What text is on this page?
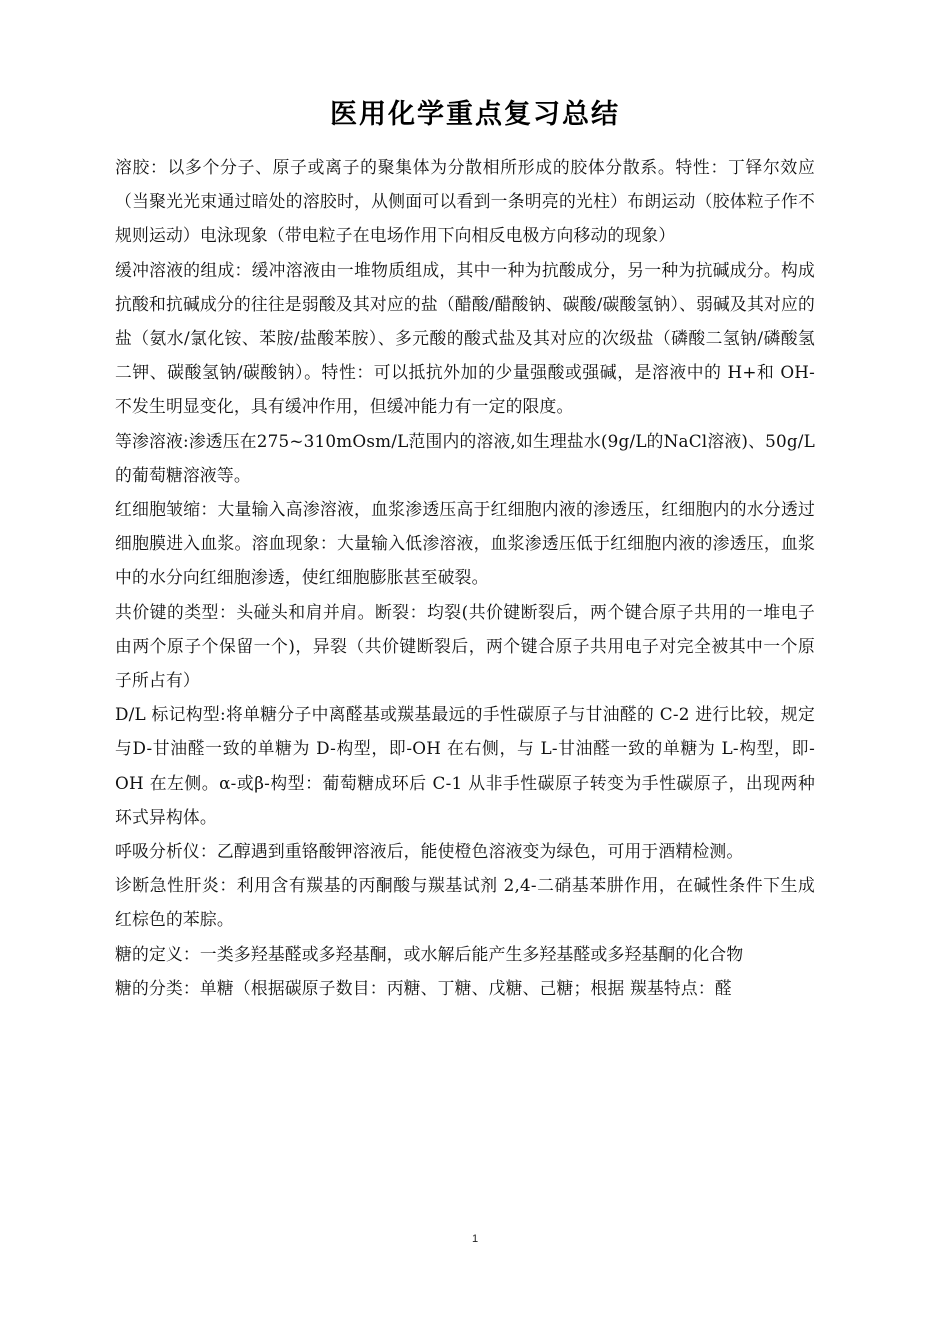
医用化学重点复习总结

溶胶：以多个分子、原子或离子的聚集体为分散相所形成的胶体分散系。特性：丁铎尔效应（当聚光光束通过暗处的溶胶时，从侧面可以看到一条明亮的光柱）布朗运动（胶体粒子作不规则运动）电泳现象（带电粒子在电场作用下向相反电极方向移动的现象）

缓冲溶液的组成：缓冲溶液由一堆物质组成，其中一种为抗酸成分，另一种为抗碱成分。构成抗酸和抗碱成分的往往是弱酸及其对应的盐（醋酸/醋酸钠、碳酸/碳酸氢钠）、弱碱及其对应的盐（氨水/氯化铵、苯胺/盐酸苯胺）、多元酸的酸式盐及其对应的次级盐（磷酸二氢钠/磷酸氢二钾、碳酸氢钠/碳酸钠）。特性：可以抵抗外加的少量强酸或强碱，是溶液中的 H+和 OH-不发生明显变化，具有缓冲作用，但缓冲能力有一定的限度。

等渗溶液:渗透压在275~310mOsm/L范围内的溶液,如生理盐水(9g/L的NaCl溶液)、50g/L 的葡萄糖溶液等。

红细胞皱缩：大量输入高渗溶液，血浆渗透压高于红细胞内液的渗透压，红细胞内的水分透过细胞膜进入血浆。溶血现象：大量输入低渗溶液，血浆渗透压低于红细胞内液的渗透压，血浆中的水分向红细胞渗透，使红细胞膨胀甚至破裂。

共价键的类型：头碰头和肩并肩。断裂：均裂(共价键断裂后，两个键合原子共用的一堆电子由两个原子个保留一个)，异裂（共价键断裂后，两个键合原子共用电子对完全被其中一个原子所占有）

D/L 标记构型:将单糖分子中离醛基或羰基最远的手性碳原子与甘油醛的 C-2 进行比较，规定与D-甘油醛一致的单糖为 D-构型，即-OH 在右侧，与 L-甘油醛一致的单糖为 L-构型，即-OH 在左侧。α-或β-构型：葡萄糖成环后 C-1 从非手性碳原子转变为手性碳原子，出现两种环式异构体。

呼吸分析仪：乙醇遇到重铬酸钾溶液后，能使橙色溶液变为绿色，可用于酒精检测。

诊断急性肝炎：利用含有羰基的丙酮酸与羰基试剂 2,4-二硝基苯肼作用，在碱性条件下生成红棕色的苯腙。

糖的定义：一类多羟基醛或多羟基酮，或水解后能产生多羟基醛或多羟基酮的化合物

糖的分类：单糖（根据碳原子数目：丙糖、丁糖、戊糖、己糖；根据 羰基特点：醛

1
